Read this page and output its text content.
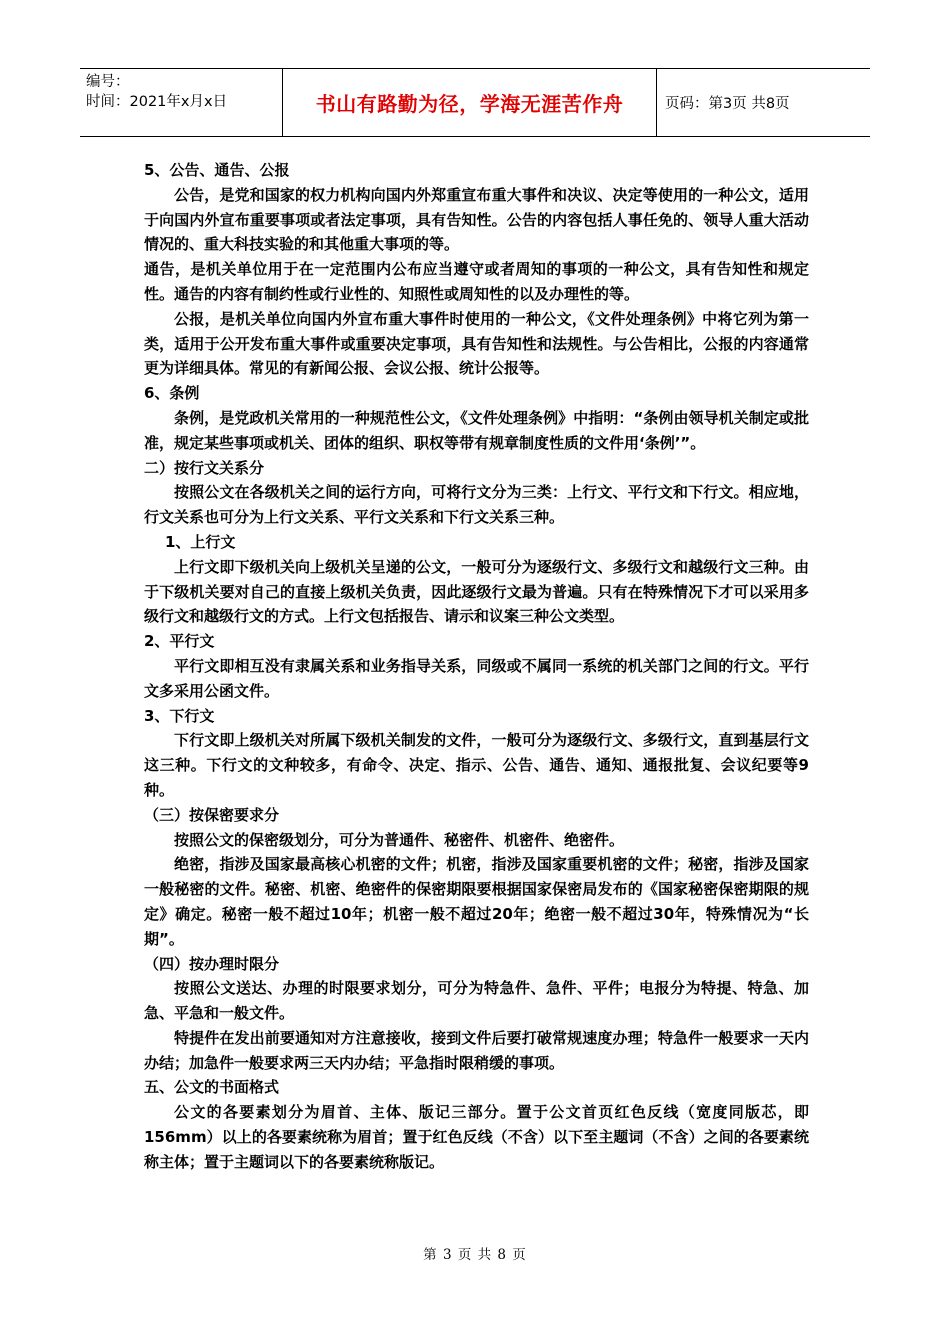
编号：
时间：2021年x月x日	书山有路勤为径，学海无涯苦作舟	页码：第3页 共8页

5、公告、通告、公报

公告，是党和国家的权力机构向国内外郑重宣布重大事件和决议、决定等使用的一种公文，适用于向国内外宣布重要事项或者法定事项，具有告知性。公告的内容包括人事任免的、领导人重大活动情况的、重大科技实验的和其他重大事项的等。

通告，是机关单位用于在一定范围内公布应当遵守或者周知的事项的一种公文，具有告知性和规定性。通告的内容有制约性或行业性的、知照性或周知性的以及办理性的等。

公报，是机关单位向国内外宣布重大事件时使用的一种公文，《文件处理条例》中将它列为第一类，适用于公开发布重大事件或重要决定事项，具有告知性和法规性。与公告相比，公报的内容通常更为详细具体。常见的有新闻公报、会议公报、统计公报等。

6、条例

条例，是党政机关常用的一种规范性公文，《文件处理条例》中指明：“条例由领导机关制定或批准，规定某些事项或机关、团体的组织、职权等带有规章制度性质的文件用‘条例’”。

二）按行文关系分

按照公文在各级机关之间的运行方向，可将行文分为三类：上行文、平行文和下行文。相应地，行文关系也可分为上行文关系、平行文关系和下行文关系三种。

1、上行文

上行文即下级机关向上级机关呈递的公文，一般可分为逐级行文、多级行文和越级行文三种。由于下级机关要对自己的直接上级机关负责，因此逐级行文最为普遍。只有在特殊情况下才可以采用多级行文和越级行文的方式。上行文包括报告、请示和议案三种公文类型。

2、平行文

平行文即相互没有隶属关系和业务指导关系，同级或不属同一系统的机关部门之间的行文。平行文多采用公函文件。

3、下行文

下行文即上级机关对所属下级机关制发的文件，一般可分为逐级行文、多级行文，直到基层行文这三种。下行文的文种较多，有命令、决定、指示、公告、通告、通知、通报批复、会议纪要等9种。

（三）按保密要求分

按照公文的保密级划分，可分为普通件、秘密件、机密件、绝密件。

绝密，指涉及国家最高核心机密的文件；机密，指涉及国家重要机密的文件；秘密，指涉及国家一般秘密的文件。秘密、机密、绝密件的保密期限要根据国家保密局发布的《国家秘密保密期限的规定》确定。秘密一般不超过10年；机密一般不超过20年；绝密一般不超过30年，特殊情况为“长期”。

（四）按办理时限分

按照公文送达、办理的时限要求划分，可分为特急件、急件、平件；电报分为特提、特急、加急、平急和一般文件。

特提件在发出前要通知对方注意接收，接到文件后要打破常规速度办理；特急件一般要求一天内办结；加急件一般要求两三天内办结；平急指时限稍缓的事项。

五、公文的书面格式

公文的各要素划分为眉首、主体、版记三部分。置于公文首页红色反线（宽度同版芯，即156mm）以上的各要素统称为眉首；置于红色反线（不含）以下至主题词（不含）之间的各要素统称主体；置于主题词以下的各要素统称版记。

第 3 页 共 8 页
